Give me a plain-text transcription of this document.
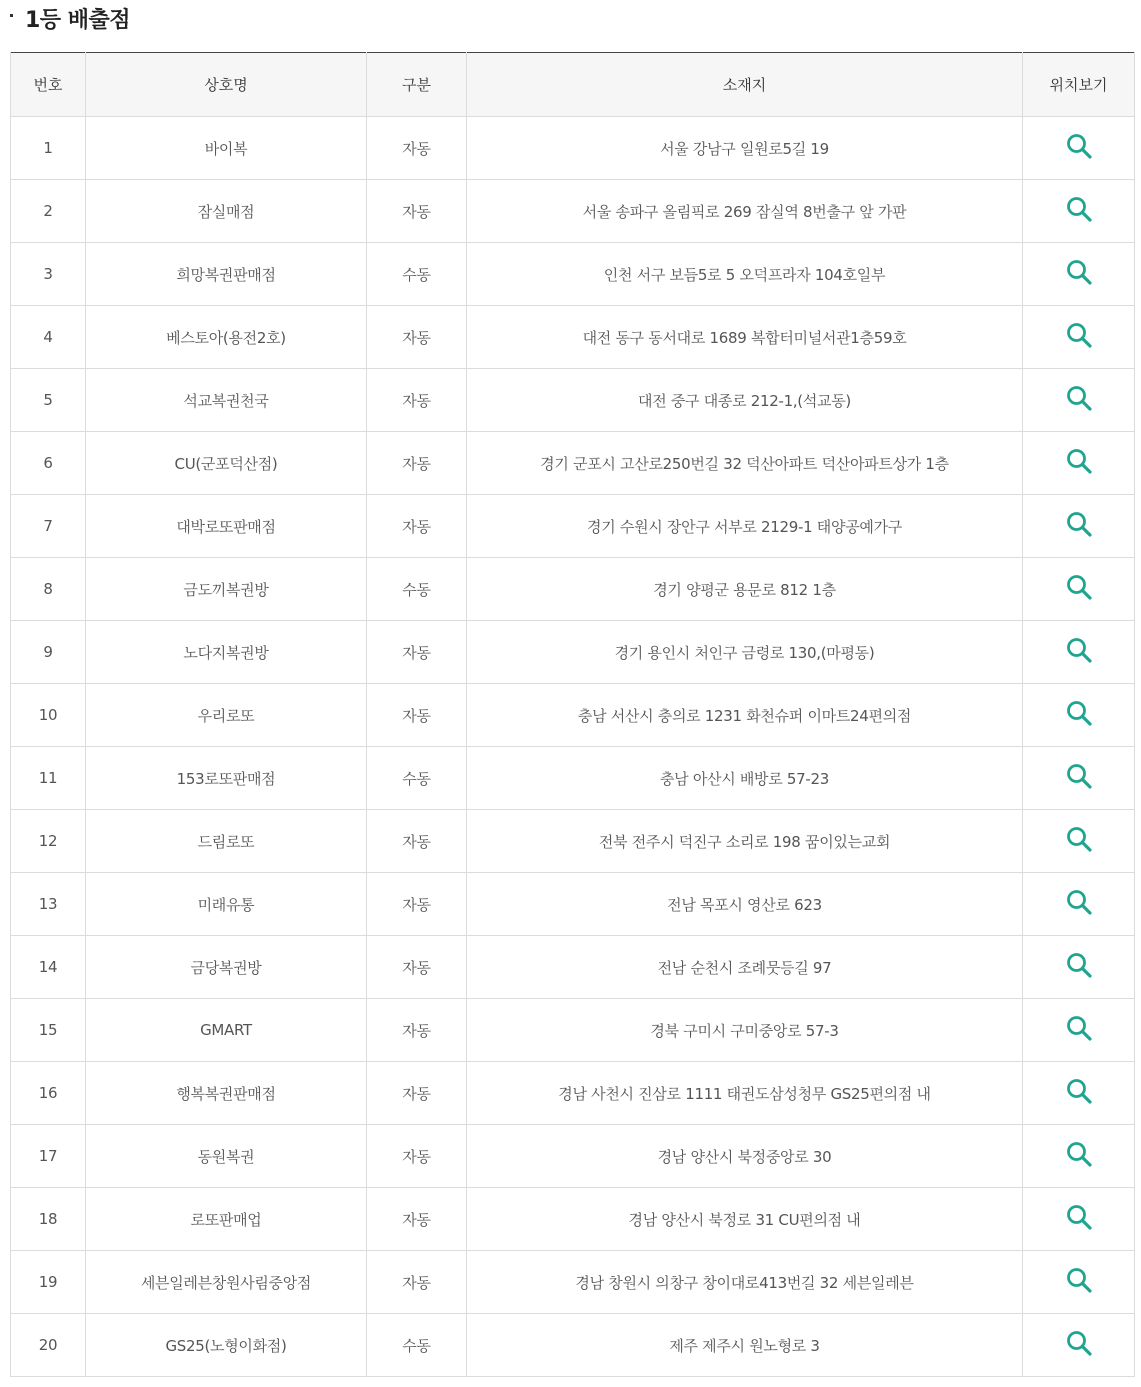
1등 배출점
번호	상호명	구분	소재지	위치보기
1	바이복	자동	서울 강남구 일원로5길 19	

2	잠실매점	자동	서울 송파구 올림픽로 269 잠실역 8번출구 앞 가판	

3	희망복권판매점	수동	인천 서구 보듬5로 5 오덕프라자 104호일부	

4	베스토아(용전2호)	자동	대전 동구 동서대로 1689 복합터미널서관1층59호	

5	석교복권천국	자동	대전 중구 대종로 212-1,(석교동)	

6	CU(군포덕산점)	자동	경기 군포시 고산로250번길 32 덕산아파트 덕산아파트상가 1층	

7	대박로또판매점	자동	경기 수원시 장안구 서부로 2129-1 태양공예가구	

8	금도끼복권방	수동	경기 양평군 용문로 812 1층	

9	노다지복권방	자동	경기 용인시 처인구 금령로 130,(마평동)	

10	우리로또	자동	충남 서산시 충의로 1231 화천슈퍼 이마트24편의점	

11	153로또판매점	수동	충남 아산시 배방로 57-23	

12	드림로또	자동	전북 전주시 덕진구 소리로 198 꿈이있는교회	

13	미래유통	자동	전남 목포시 영산로 623	

14	금당복권방	자동	전남 순천시 조례뭇등길 97	

15	GMART	자동	경북 구미시 구미중앙로 57-3	

16	행복복권판매점	자동	경남 사천시 진삼로 1111 태권도삼성청무 GS25편의점 내	

17	동원복권	자동	경남 양산시 북정중앙로 30	

18	로또판매업	자동	경남 양산시 북정로 31 CU편의점 내	

19	세븐일레븐창원사림중앙점	자동	경남 창원시 의창구 창이대로413번길 32 세븐일레븐	

20	GS25(노형이화점)	수동	제주 제주시 원노형로 3	
